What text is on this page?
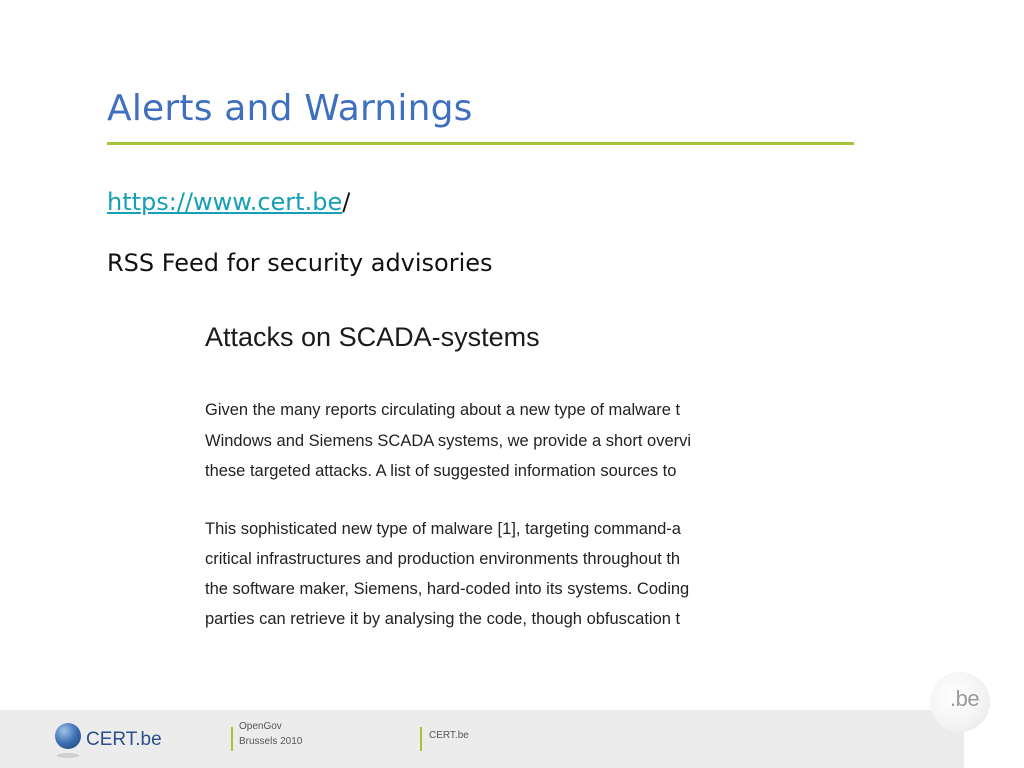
Alerts and Warnings
https://www.cert.be/
RSS Feed for security advisories
Attacks on SCADA-systems
Given the many reports circulating about a new type of malware t
Windows and Siemens SCADA systems, we provide a short overvi
these targeted attacks. A list of suggested information sources to
This sophisticated new type of malware [1], targeting command-a
critical infrastructures and production environments throughout th
the software maker, Siemens, hard-coded into its systems. Coding
parties can retrieve it by analysing the code, though obfuscation t
.be
CERT.be
OpenGov
Brussels 2010
CERT.be
